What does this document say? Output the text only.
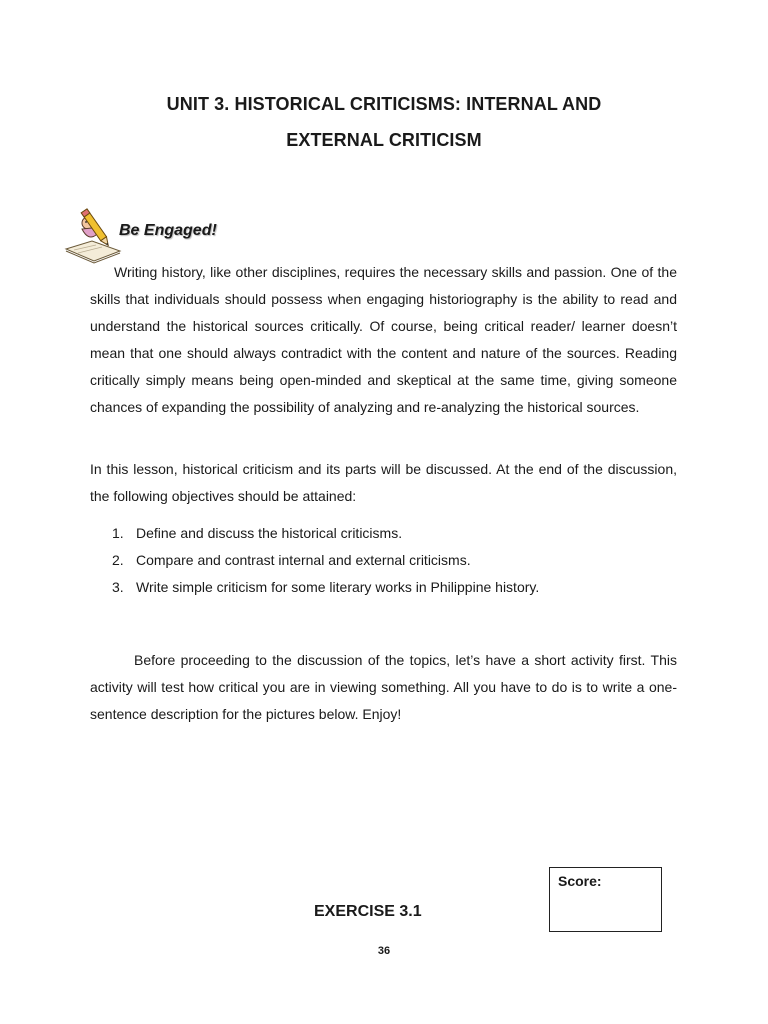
UNIT 3. HISTORICAL CRITICISMS: INTERNAL AND
EXTERNAL CRITICISM
Be Engaged!

Writing history, like other disciplines, requires the necessary skills and passion. One of the skills that individuals should possess when engaging historiography is the ability to read and understand the historical sources critically. Of course, being critical reader/ learner doesn’t mean that one should always contradict with the content and nature of the sources. Reading critically simply means being open-minded and skeptical at the same time, giving someone chances of expanding the possibility of analyzing and re-analyzing the historical sources.

In this lesson, historical criticism and its parts will be discussed. At the end of the discussion, the following objectives should be attained:

1. Define and discuss the historical criticisms.
2. Compare and contrast internal and external criticisms.
3. Write simple criticism for some literary works in Philippine history.

Before proceeding to the discussion of the topics, let’s have a short activity first. This activity will test how critical you are in viewing something. All you have to do is to write a one-sentence description for the pictures below. Enjoy!

Score:
EXERCISE 3.1
36
